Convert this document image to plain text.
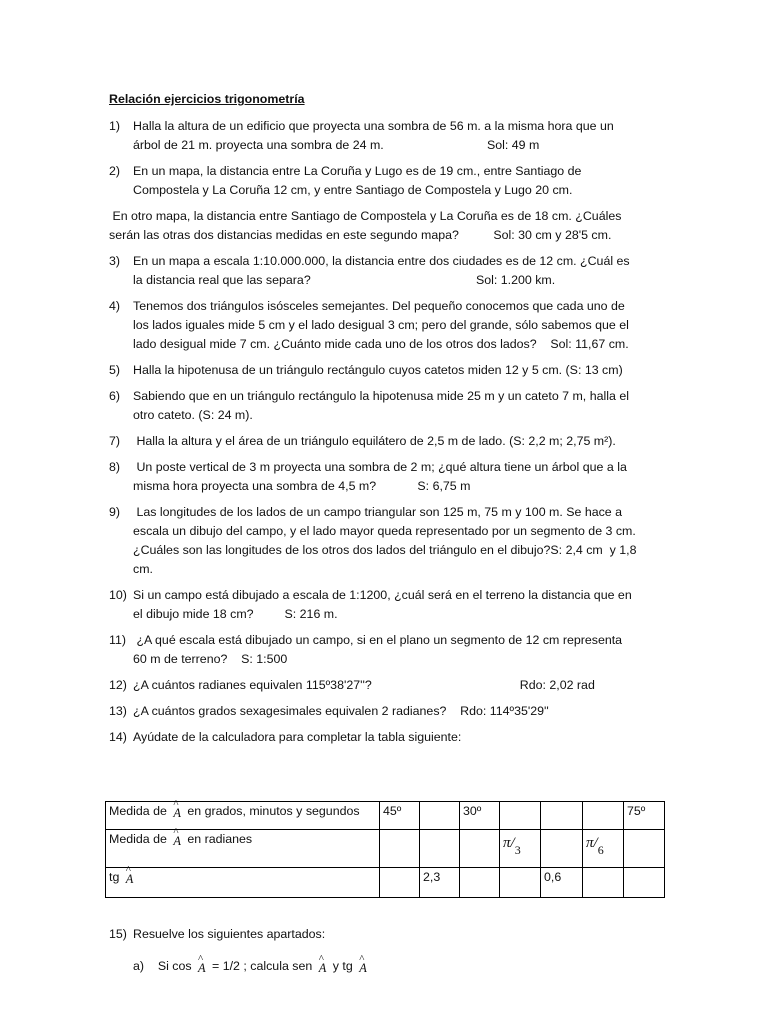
Relación ejercicios trigonometría
1) Halla la altura de un edificio que proyecta una sombra de 56 m. a la misma hora que un
árbol de 21 m. proyecta una sombra de 24 m.                              Sol: 49 m
2) En un mapa, la distancia entre La Coruña y Lugo es de 19 cm., entre Santiago de
Compostela y La Coruña 12 cm, y entre Santiago de Compostela y Lugo 20 cm.
En otro mapa, la distancia entre Santiago de Compostela y La Coruña es de 18 cm. ¿Cuáles
serán las otras dos distancias medidas en este segundo mapa?          Sol: 30 cm y 28'5 cm.
3) En un mapa a escala 1:10.000.000, la distancia entre dos ciudades es de 12 cm. ¿Cuál es
la distancia real que las separa?                                                Sol: 1.200 km.
4) Tenemos dos triángulos isósceles semejantes. Del pequeño conocemos que cada uno de
los lados iguales mide 5 cm y el lado desigual 3 cm; pero del grande, sólo sabemos que el
lado desigual mide 7 cm. ¿Cuánto mide cada uno de los otros dos lados?    Sol: 11,67 cm.
5) Halla la hipotenusa de un triángulo rectángulo cuyos catetos miden 12 y 5 cm. (S: 13 cm)
6) Sabiendo que en un triángulo rectángulo la hipotenusa mide 25 m y un cateto 7 m, halla el
otro cateto. (S: 24 m).
7) Halla la altura y el área de un triángulo equilátero de 2,5 m de lado. (S: 2,2 m; 2,75 m²).
8) Un poste vertical de 3 m proyecta una sombra de 2 m; ¿qué altura tiene un árbol que a la
misma hora proyecta una sombra de 4,5 m?            S: 6,75 m
9) Las longitudes de los lados de un campo triangular son 125 m, 75 m y 100 m. Se hace a
escala un dibujo del campo, y el lado mayor queda representado por un segmento de 3 cm.
¿Cuáles son las longitudes de los otros dos lados del triángulo en el dibujo?S: 2,4 cm  y 1,8
cm.
10) Si un campo está dibujado a escala de 1:1200, ¿cuál será en el terreno la distancia que en
el dibujo mide 18 cm?         S: 216 m.
11) ¿A qué escala está dibujado un campo, si en el plano un segmento de 12 cm representa
60 m de terreno?    S: 1:500
12) ¿A cuántos radianes equivalen 115º38'27''?                                           Rdo: 2,02 rad
13) ¿A cuántos grados sexagesimales equivalen 2 radianes?    Rdo: 114º35'29''
14) Ayúdate de la calculadora para completar la tabla siguiente:
Medida de ^ A en grados, minutos y segundos	45º		30º				75º
Medida de ^ A en radianes				$\pi/_3$		$\pi/_6$	
tg ^ A		2,3			0,6		
15) Resuelve los siguientes apartados:
a) Si cos ^ A = 1/2 ; calcula sen ^ A y tg ^ A
